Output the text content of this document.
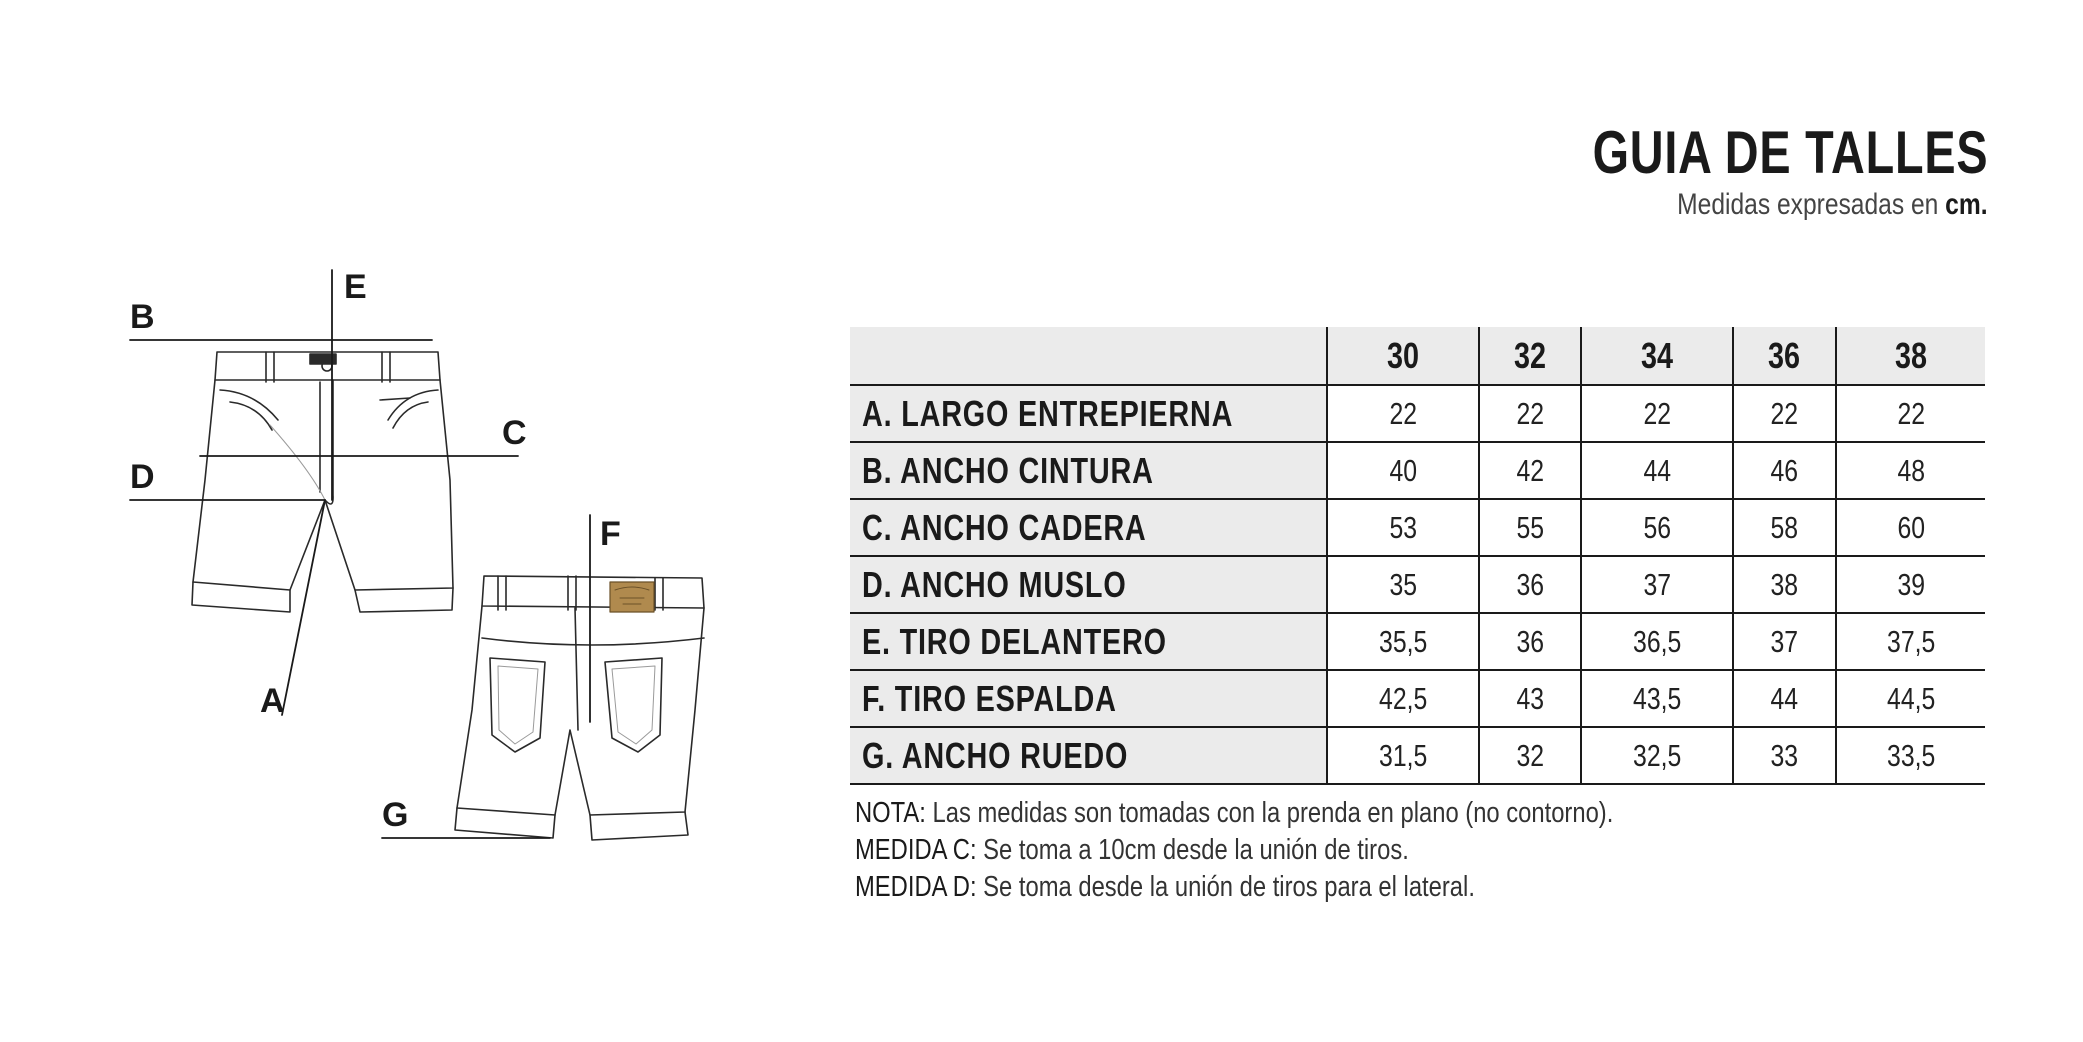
GUIA DE TALLES
Medidas expresadas en cm.
B
E
C
D
A
F
G
	30	32	34	36	38
A. LARGO ENTREPIERNA	22	22	22	22	22
B. ANCHO CINTURA	40	42	44	46	48
C. ANCHO CADERA	53	55	56	58	60
D. ANCHO MUSLO	35	36	37	38	39
E. TIRO DELANTERO	35,5	36	36,5	37	37,5
F. TIRO ESPALDA	42,5	43	43,5	44	44,5
G. ANCHO RUEDO	31,5	32	32,5	33	33,5
NOTA: Las medidas son tomadas con la prenda en plano (no contorno).
MEDIDA C: Se toma a 10cm desde la unión de tiros.
MEDIDA D: Se toma desde la unión de tiros para el lateral.
